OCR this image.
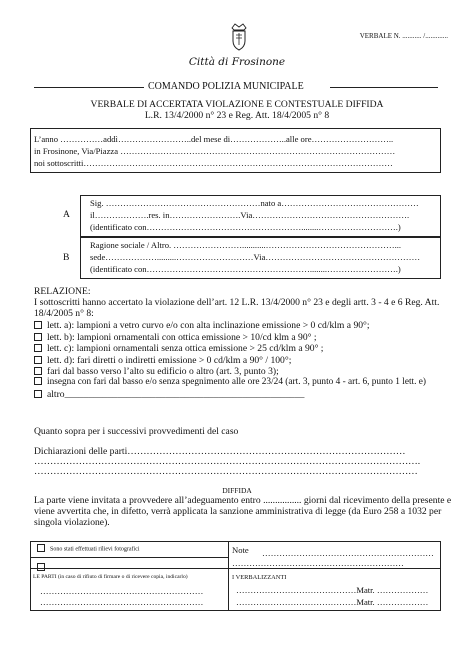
VERBALE N. ........... /.............
Città di Frosinone
COMANDO POLIZIA MUNICIPALE
VERBALE DI ACCERTATA VIOLAZIONE E CONTESTUALE DIFFIDA
L.R. 13/4/2000 n° 23 e Reg. Att. 18/4/2005 n° 8
L’anno ……………addì……………………..del mese di………………..alle ore………………………..
in Frosinone, Via/Piazza ……………………………………………………………………………………
noi sottoscritti………………………………………………………………………………………………
A
Sig. ………………………………………………nato a…………………………………………
il……………….res. in…………………….Via……………………………………………….
(identificato con………………………………………………........……………………….)
B
Ragione sociale / Altro. ……………………...........………………………………………...
sede……………….........………………………Via………………………………………………
(identificato con…………………………………………………........…………………….)
RELAZIONE:
I sottoscritti hanno accertato la violazione dell’art. 12 L.R. 13/4/2000 n° 23 e degli artt. 3 - 4 e 6 Reg. Att.
18/4/2005 n° 8:
lett. a): lampioni a vetro curvo e/o con alta inclinazione emissione > 0 cd/klm a 90°;
lett. b): lampioni ornamentali con ottica emissione > 10/cd klm a 90° ;
lett. c): lampioni ornamentali senza ottica emissione > 25 cd/klm a 90° ;
lett. d): fari diretti o indiretti emissione > 0 cd/klm a 90° / 100°;
fari dal basso verso l’alto su edificio o altro (art. 3, punto 3);
insegna con fari dal basso e/o senza spegnimento alle ore 23/24 (art. 3, punto 4 - art. 6, punto 1 lett. e)
altro__________________________________________________
Quanto sopra per i successivi provvedimenti del caso
Dichiarazioni delle parti……………………………………………………………………………
………………………………………………………………………………………………………….
…………………………………………………………………………………………………………
DIFFIDA
La parte viene invitata a provvedere all’adeguamento entro ................ giorni dal ricevimento della presente e
viene avvertita che, in difetto, verrà applicata la sanzione amministrativa di legge (da Euro 258 a 1032 per
singola violazione).
Sono stati effettuati rilievi fotografici	Note ……………………………………………………
……………………………………………………
LE PARTI (in caso di rifiuto di firmare o di ricevere copia, indicarlo)
…………………………………………………
…………………………………………………
I VERBALIZZANTI
……………………………………Matr. ………………
……………………………………Matr. ………………
